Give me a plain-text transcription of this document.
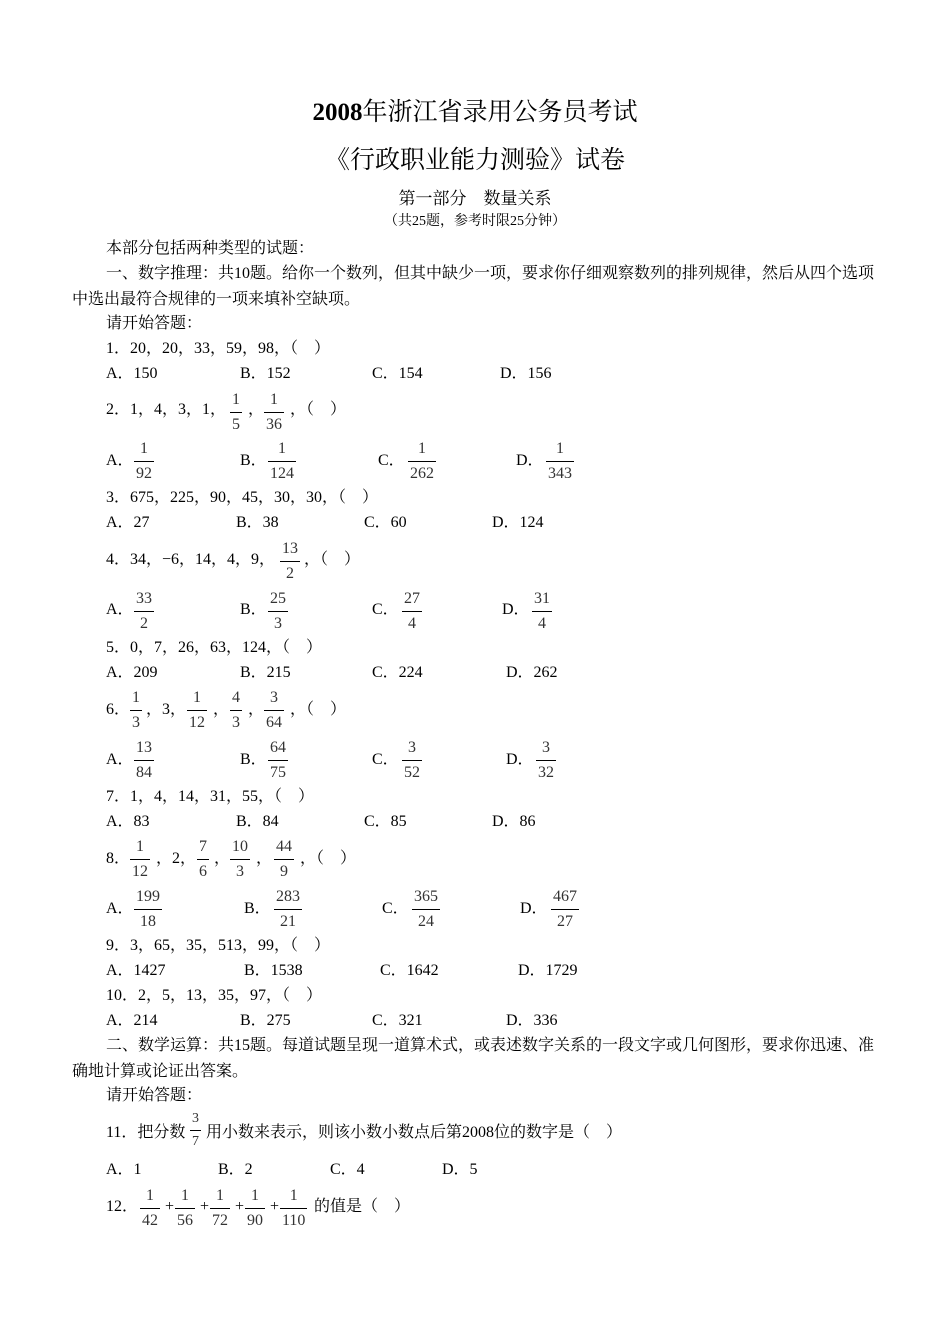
2008年浙江省录用公务员考试
《行政职业能力测验》试卷
第一部分　数量关系
（共25题，参考时限25分钟）
本部分包括两种类型的试题：
一、数字推理：共10题。给你一个数列，但其中缺少一项，要求你仔细观察数列的排列规律，然后从四个选项中选出最符合规律的一项来填补空缺项。
请开始答题：
1．20，20，33，59，98，（　）
A．150	B．152	C．154	D．156
2．1，4，3，1，
1
5
，
1
36
，（　）
A．
1
92
B．
1
124
C．
1
262
D．
1
343
3．675，225，90，45，30，30，（　）
A．27	B．38	C．60	D．124
4．34，−6，14，4，9，
13
2
，（　）
A．
33
2
B．
25
3
C．
27
4
D．
31
4
5．0，7，26，63，124，（　）
A．209	B．215	C．224	D．262
6．
1
3
，3，
1
12
，
4
3
，
3
64
，（　）
A．
13
84
B．
64
75
C．
3
52
D．
3
32
7．1，4，14，31，55，（　）
A．83	B．84	C．85	D．86
8．
1
12
，2，
7
6
，
10
3
，
44
9
，（　）
A．
199
18
B．
283
21
C．
365
24
D．
467
27
9．3，65，35，513，99，（　）
A．1427	B．1538	C．1642	D．1729
10．2，5，13，35，97，（　）
A．214	B．275	C．321	D．336
二、数学运算：共15题。每道试题呈现一道算术式，或表述数字关系的一段文字或几何图形，要求你迅速、准确地计算或论证出答案。
请开始答题：
11．把分数
3
7
用小数来表示，则该小数小数点后第2008位的数字是（　）
A．1	B．2	C．4	D．5
12．
1
42
+
1
56
+
1
72
+
1
90
+
1
110
的值是（　）
